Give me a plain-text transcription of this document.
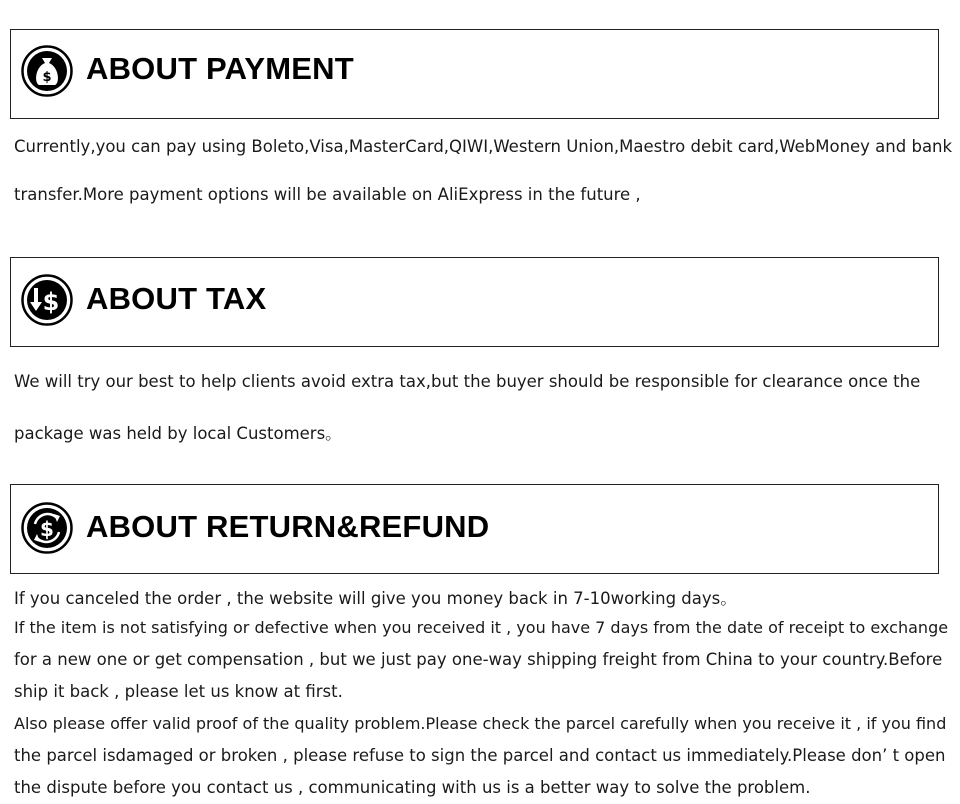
$ ABOUT PAYMENT

Currently,you can pay using Boleto,Visa,MasterCard,QIWI,Western Union,Maestro debit card,WebMoney and bank

transfer.More payment options will be available on AliExpress in the future ,

$ ABOUT TAX

We will try our best to help clients avoid extra tax,but the buyer should be responsible for clearance once the

package was held by local Customers。

$ ABOUT RETURN&REFUND

If you canceled the order , the website will give you money back in 7-10working days。

If the item is not satisfying or defective when you received it , you have 7 days from the date of receipt to exchange

for a new one or get compensation , but we just pay one-way shipping freight from China to your country.Before

ship it back , please let us know at first.

Also please offer valid proof of the quality problem.Please check the parcel carefully when you receive it , if you find

the parcel isdamaged or broken , please refuse to sign the parcel and contact us immediately.Please don’ t open

the dispute before you contact us , communicating with us is a better way to solve the problem.
